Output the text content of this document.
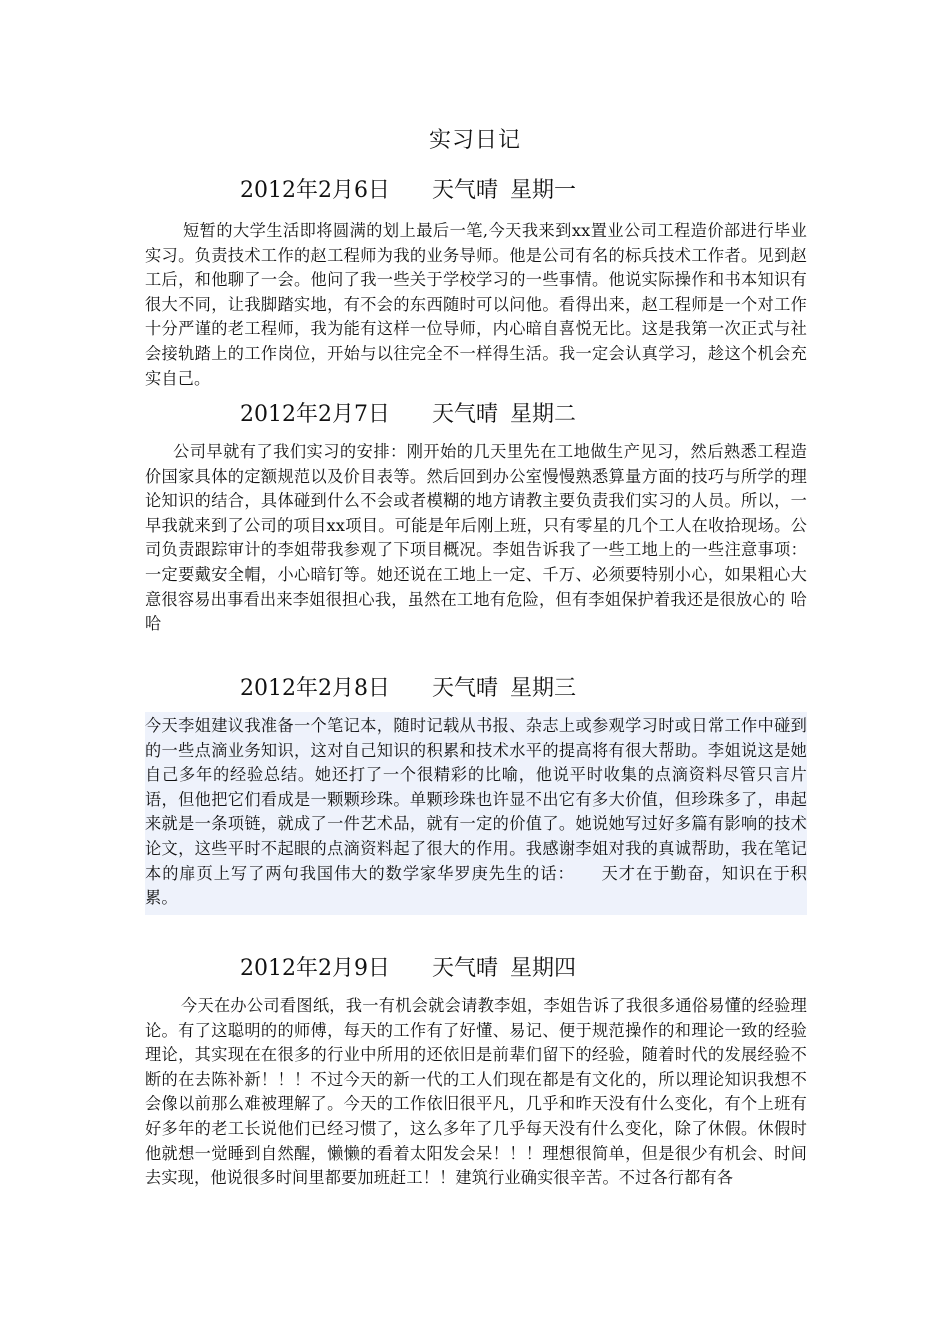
实习日记
2012年2月6日 天气晴 星期一

短暂的大学生活即将圆满的划上最后一笔,今天我来到xx置业公司工程造价部进行毕业实习。负责技术工作的赵工程师为我的业务导师。他是公司有名的标兵技术工作者。见到赵工后，和他聊了一会。他问了我一些关于学校学习的一些事情。他说实际操作和书本知识有很大不同，让我脚踏实地，有不会的东西随时可以问他。看得出来，赵工程师是一个对工作十分严谨的老工程师，我为能有这样一位导师，内心暗自喜悦无比。这是我第一次正式与社会接轨踏上的工作岗位，开始与以往完全不一样得生活。我一定会认真学习，趁这个机会充实自己。

2012年2月7日 天气晴 星期二

公司早就有了我们实习的安排：刚开始的几天里先在工地做生产见习，然后熟悉工程造价国家具体的定额规范以及价目表等。然后回到办公室慢慢熟悉算量方面的技巧与所学的理论知识的结合，具体碰到什么不会或者模糊的地方请教主要负责我们实习的人员。所以，一早我就来到了公司的项目xx项目。可能是年后刚上班，只有零星的几个工人在收拾现场。公司负责跟踪审计的李姐带我参观了下项目概况。李姐告诉我了一些工地上的一些注意事项：一定要戴安全帽，小心暗钉等。她还说在工地上一定、千万、必须要特别小心，如果粗心大意很容易出事看出来李姐很担心我，虽然在工地有危险，但有李姐保护着我还是很放心的 哈哈

2012年2月8日 天气晴 星期三

今天李姐建议我准备一个笔记本，随时记载从书报、杂志上或参观学习时或日常工作中碰到的一些点滴业务知识，这对自己知识的积累和技术水平的提高将有很大帮助。李姐说这是她自己多年的经验总结。她还打了一个很精彩的比喻，他说平时收集的点滴资料尽管只言片语，但他把它们看成是一颗颗珍珠。单颗珍珠也许显不出它有多大价值，但珍珠多了，串起来就是一条项链，就成了一件艺术品，就有一定的价值了。她说她写过好多篇有影响的技术论文，这些平时不起眼的点滴资料起了很大的作用。我感谢李姐对我的真诚帮助，我在笔记本的扉页上写了两句我国伟大的数学家华罗庚先生的话： 天才在于勤奋，知识在于积累。

2012年2月9日 天气晴 星期四

今天在办公司看图纸，我一有机会就会请教李姐，李姐告诉了我很多通俗易懂的经验理论。有了这聪明的的师傅，每天的工作有了好懂、易记、便于规范操作的和理论一致的经验理论，其实现在在很多的行业中所用的还依旧是前辈们留下的经验，随着时代的发展经验不断的在去陈补新！！！不过今天的新一代的工人们现在都是有文化的，所以理论知识我想不会像以前那么难被理解了。今天的工作依旧很平凡，几乎和昨天没有什么变化，有个上班有好多年的老工长说他们已经习惯了，这么多年了几乎每天没有什么变化，除了休假。休假时他就想一觉睡到自然醒，懒懒的看着太阳发会呆！！！理想很简单，但是很少有机会、时间去实现，他说很多时间里都要加班赶工！！建筑行业确实很辛苦。不过各行都有各
